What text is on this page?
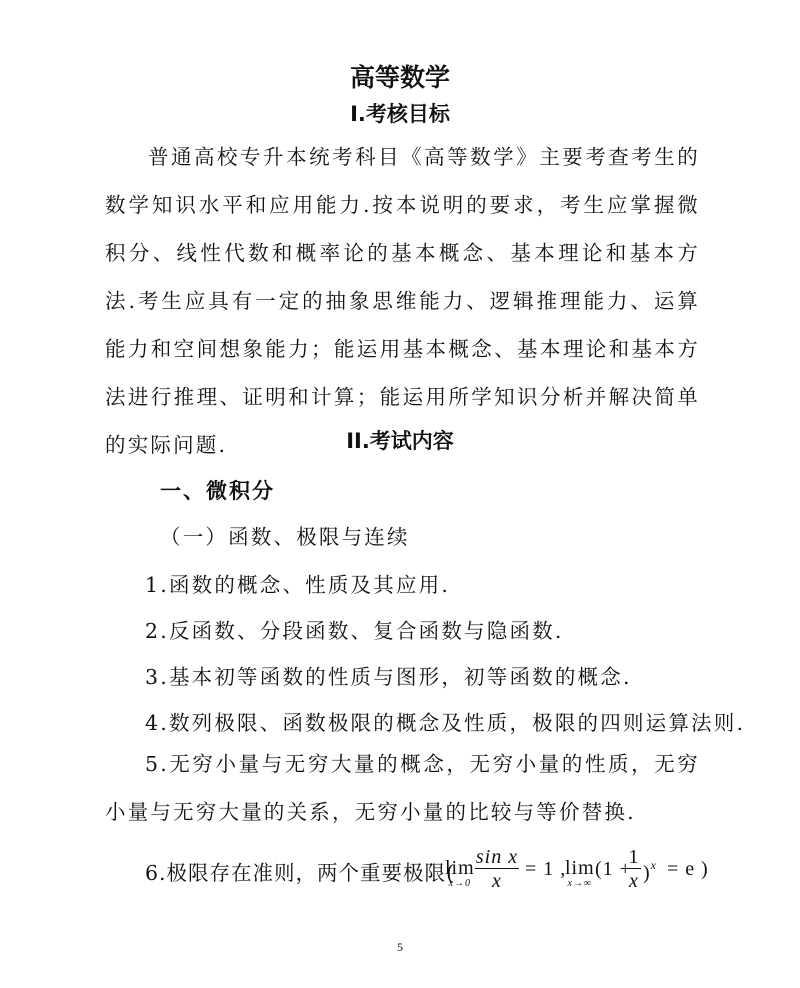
高等数学
I.考核目标

普通高校专升本统考科目《高等数学》主要考查考生的数学知识水平和应用能力.按本说明的要求，考生应掌握微积分、线性代数和概率论的基本概念、基本理论和基本方法.考生应具有一定的抽象思维能力、逻辑推理能力、运算能力和空间想象能力；能运用基本概念、基本理论和基本方法进行推理、证明和计算；能运用所学知识分析并解决简单的实际问题.	II.考试内容
一、微积分
（一）函数、极限与连续
1.函数的概念、性质及其应用.
2.反函数、分段函数、复合函数与隐函数.
3.基本初等函数的性质与图形，初等函数的概念.
4.数列极限、函数极限的概念及性质，极限的四则运算法则.

5.无穷小量与无穷大量的概念，无穷小量的性质，无穷小量与无穷大量的关系，无穷小量的比较与等价替换.

6.极限存在准则，两个重要极限(
lim
x→0
sin x
x
= 1 ,
lim
x→∞
(1 +
1
x )$^x$ = e )
5
